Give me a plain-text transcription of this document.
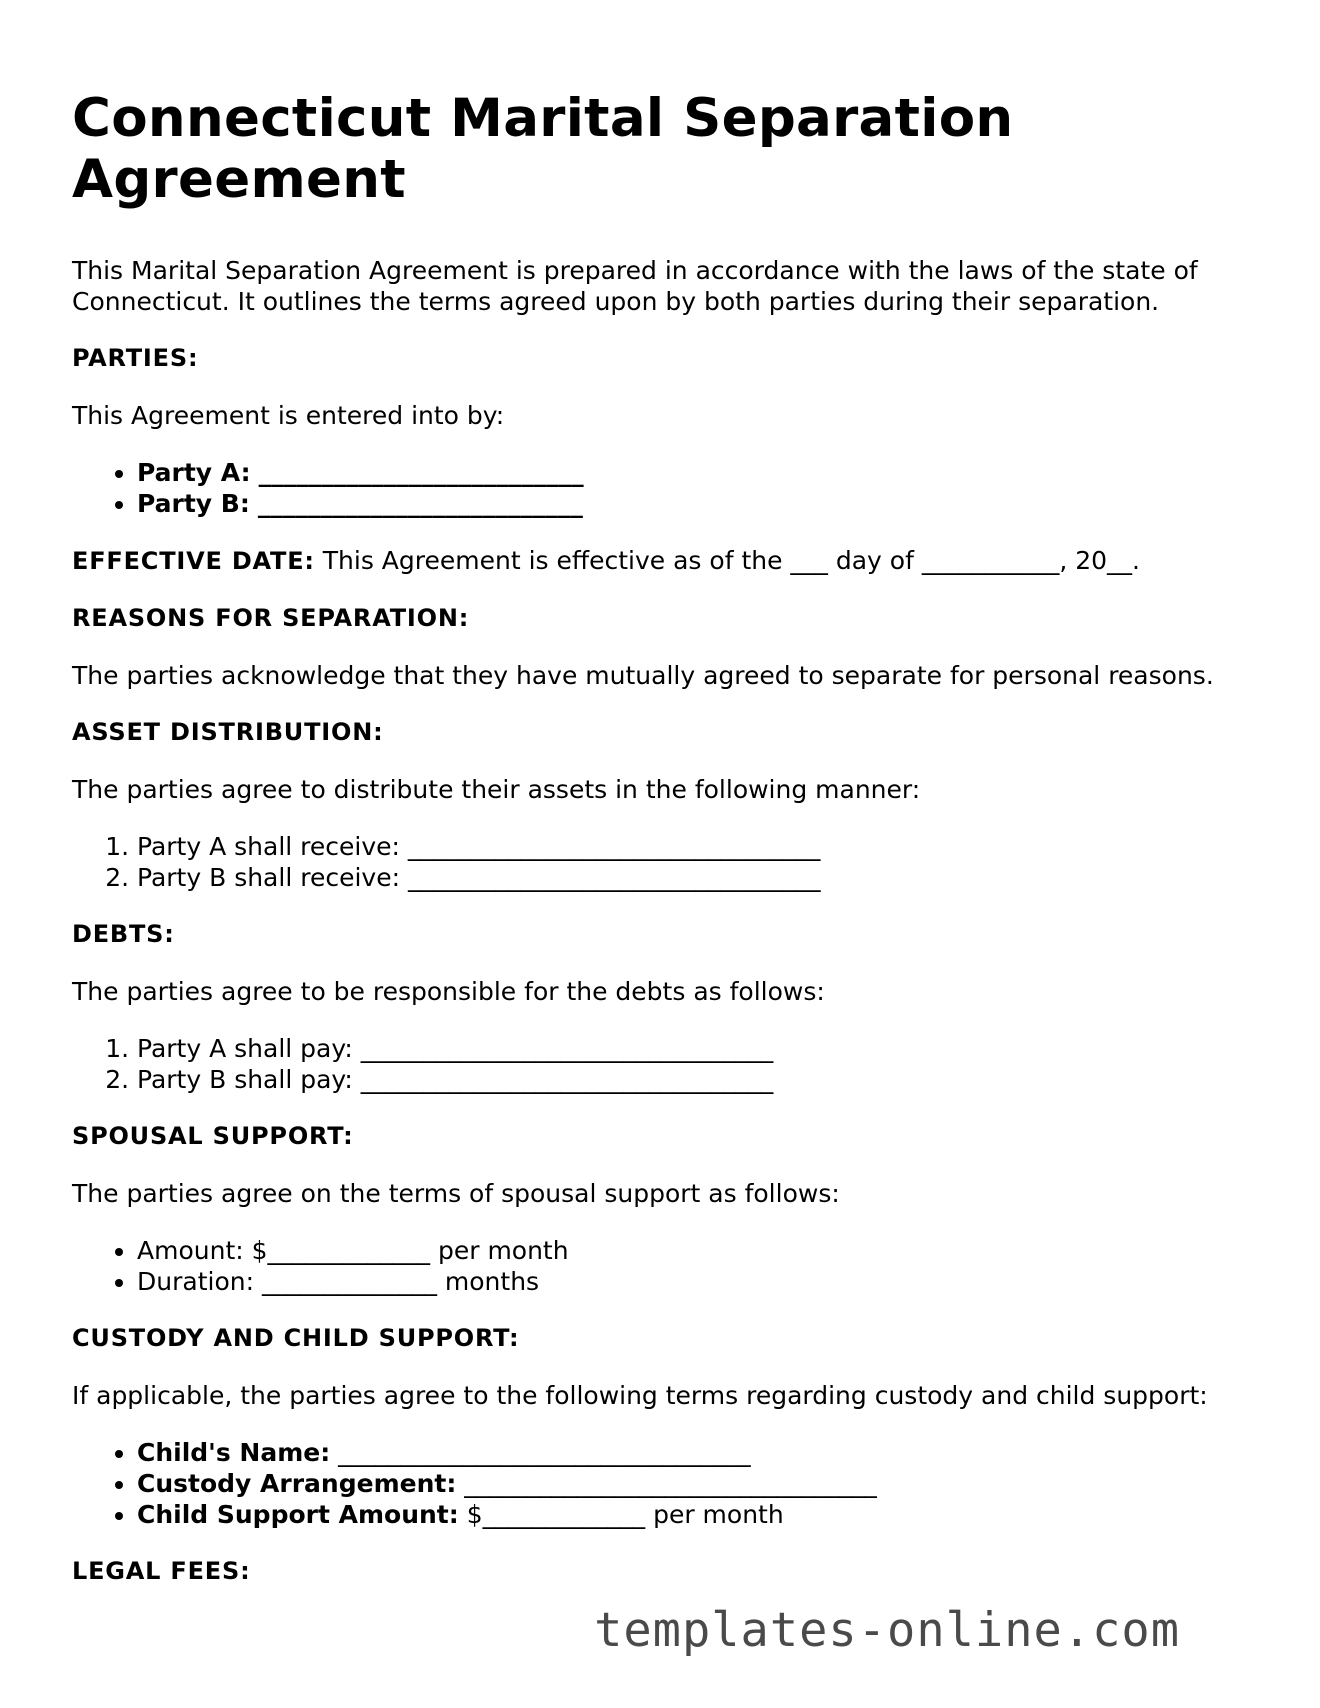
Connecticut Marital Separation Agreement

This Marital Separation Agreement is prepared in accordance with the laws of the state of Connecticut. It outlines the terms agreed upon by both parties during their separation.

PARTIES:

This Agreement is entered into by:

• Party A: __________________________
• Party B: __________________________

EFFECTIVE DATE: This Agreement is effective as of the ___ day of ___________, 20__.

REASONS FOR SEPARATION:

The parties acknowledge that they have mutually agreed to separate for personal reasons.

ASSET DISTRIBUTION:

The parties agree to distribute their assets in the following manner:

1. Party A shall receive: _________________________________
2. Party B shall receive: _________________________________
DEBTS:

The parties agree to be responsible for the debts as follows:

1. Party A shall pay: _________________________________
2. Party B shall pay: _________________________________
SPOUSAL SUPPORT:

The parties agree on the terms of spousal support as follows:

• Amount: $_____________ per month
• Duration: ______________ months
CUSTODY AND CHILD SUPPORT:

If applicable, the parties agree to the following terms regarding custody and child support:

• Child's Name: _________________________________
• Custody Arrangement: _________________________________
• Child Support Amount: $_____________ per month
LEGAL FEES:
templates-online.com
